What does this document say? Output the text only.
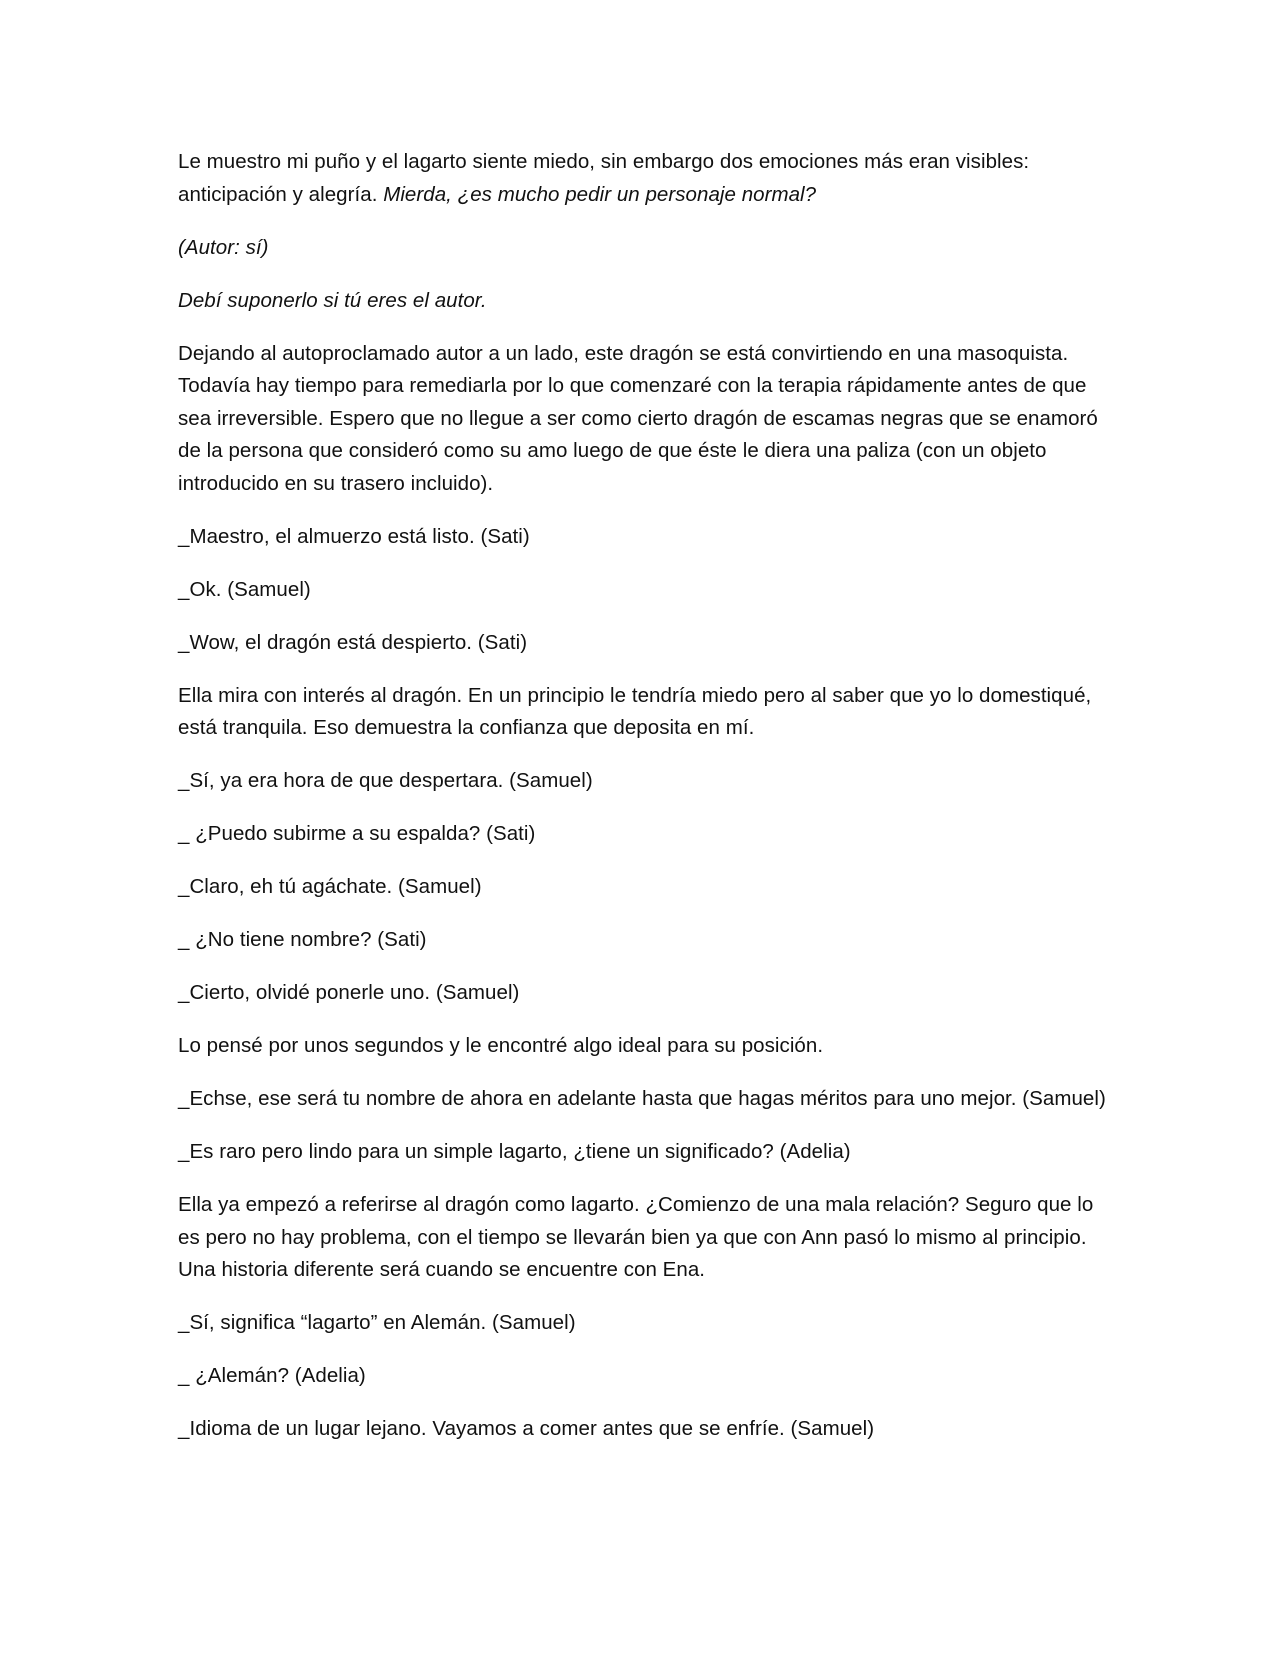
Le muestro mi puño y el lagarto siente miedo, sin embargo dos emociones más eran visibles: anticipación y alegría. Mierda, ¿es mucho pedir un personaje normal?

(Autor: sí)

Debí suponerlo si tú eres el autor.

Dejando al autoproclamado autor a un lado, este dragón se está convirtiendo en una masoquista. Todavía hay tiempo para remediarla por lo que comenzaré con la terapia rápidamente antes de que sea irreversible. Espero que no llegue a ser como cierto dragón de escamas negras que se enamoró de la persona que consideró como su amo luego de que éste le diera una paliza (con un objeto introducido en su trasero incluido).

_Maestro, el almuerzo está listo. (Sati)

_Ok. (Samuel)

_Wow, el dragón está despierto. (Sati)

Ella mira con interés al dragón. En un principio le tendría miedo pero al saber que yo lo domestiqué, está tranquila. Eso demuestra la confianza que deposita en mí.

_Sí, ya era hora de que despertara. (Samuel)

_ ¿Puedo subirme a su espalda? (Sati)

_Claro, eh tú agáchate. (Samuel)

_ ¿No tiene nombre? (Sati)

_Cierto, olvidé ponerle uno. (Samuel)

Lo pensé por unos segundos y le encontré algo ideal para su posición.

_Echse, ese será tu nombre de ahora en adelante hasta que hagas méritos para uno mejor. (Samuel)

_Es raro pero lindo para un simple lagarto, ¿tiene un significado? (Adelia)

Ella ya empezó a referirse al dragón como lagarto. ¿Comienzo de una mala relación? Seguro que lo es pero no hay problema, con el tiempo se llevarán bien ya que con Ann pasó lo mismo al principio. Una historia diferente será cuando se encuentre con Ena.

_Sí, significa “lagarto” en Alemán. (Samuel)

_ ¿Alemán? (Adelia)

_Idioma de un lugar lejano. Vayamos a comer antes que se enfríe. (Samuel)
